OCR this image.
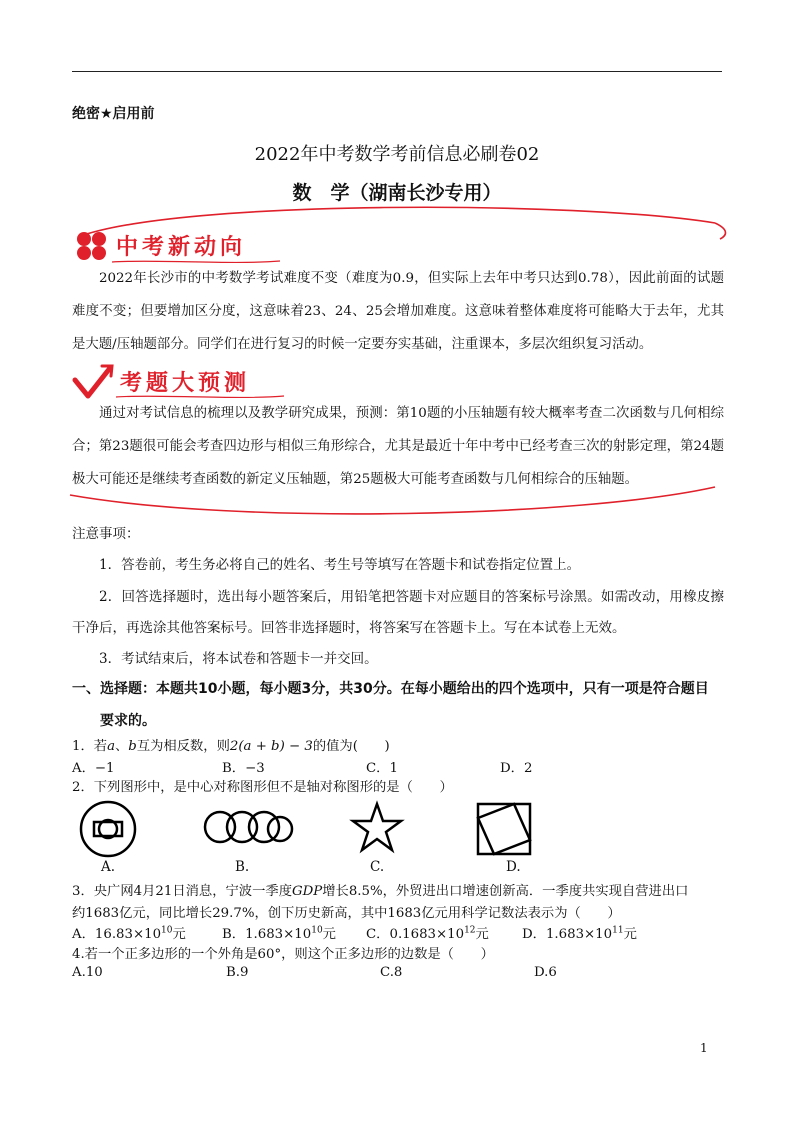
绝密★启用前
2022年中考数学考前信息必刷卷02
数　学（湖南长沙专用）
中考新动向
2022年长沙市的中考数学考试难度不变（难度为0.9，但实际上去年中考只达到0.78），因此前面的试题难度不变；但要增加区分度，这意味着23、24、25会增加难度。这意味着整体难度将可能略大于去年，尤其是大题/压轴题部分。同学们在进行复习的时候一定要夯实基础，注重课本，多层次组织复习活动。
考题大预测
通过对考试信息的梳理以及教学研究成果，预测：第10题的小压轴题有较大概率考查二次函数与几何相综合；第23题很可能会考查四边形与相似三角形综合，尤其是最近十年中考中已经考查三次的射影定理，第24题极大可能还是继续考查函数的新定义压轴题，第25题极大可能考查函数与几何相综合的压轴题。
注意事项：
1．答卷前，考生务必将自己的姓名、考生号等填写在答题卡和试卷指定位置上。
2．回答选择题时，选出每小题答案后，用铅笔把答题卡对应题目的答案标号涂黑。如需改动，用橡皮擦干净后，再选涂其他答案标号。回答非选择题时，将答案写在答题卡上。写在本试卷上无效。
3．考试结束后，将本试卷和答题卡一并交回。
一、选择题：本题共10小题，每小题3分，共30分。在每小题给出的四个选项中，只有一项是符合题目
要求的。
1．若a、b互为相反数，则2(a + b) − 3的值为(　　)
A．−1	B．−3	C．1	D．2
2．下列图形中，是中心对称图形但不是轴对称图形的是（　　）
A.	B.	C.	D.
3．央广网4月21日消息，宁波一季度GDP增长8.5%，外贸进出口增速创新高．一季度共实现自营进出口
约1683亿元，同比增长29.7%，创下历史新高，其中1683亿元用科学记数法表示为（　　）
A．$16.83\times 10^{10}$元	B．$1.683\times 10^{10}$元 C．$0.1683\times 10^{12}$元 D．$1.683\times 10^{11}$元
4.若一个正多边形的一个外角是60°，则这个正多边形的边数是（　　）
A.10	B.9	C.8	D.6
1
